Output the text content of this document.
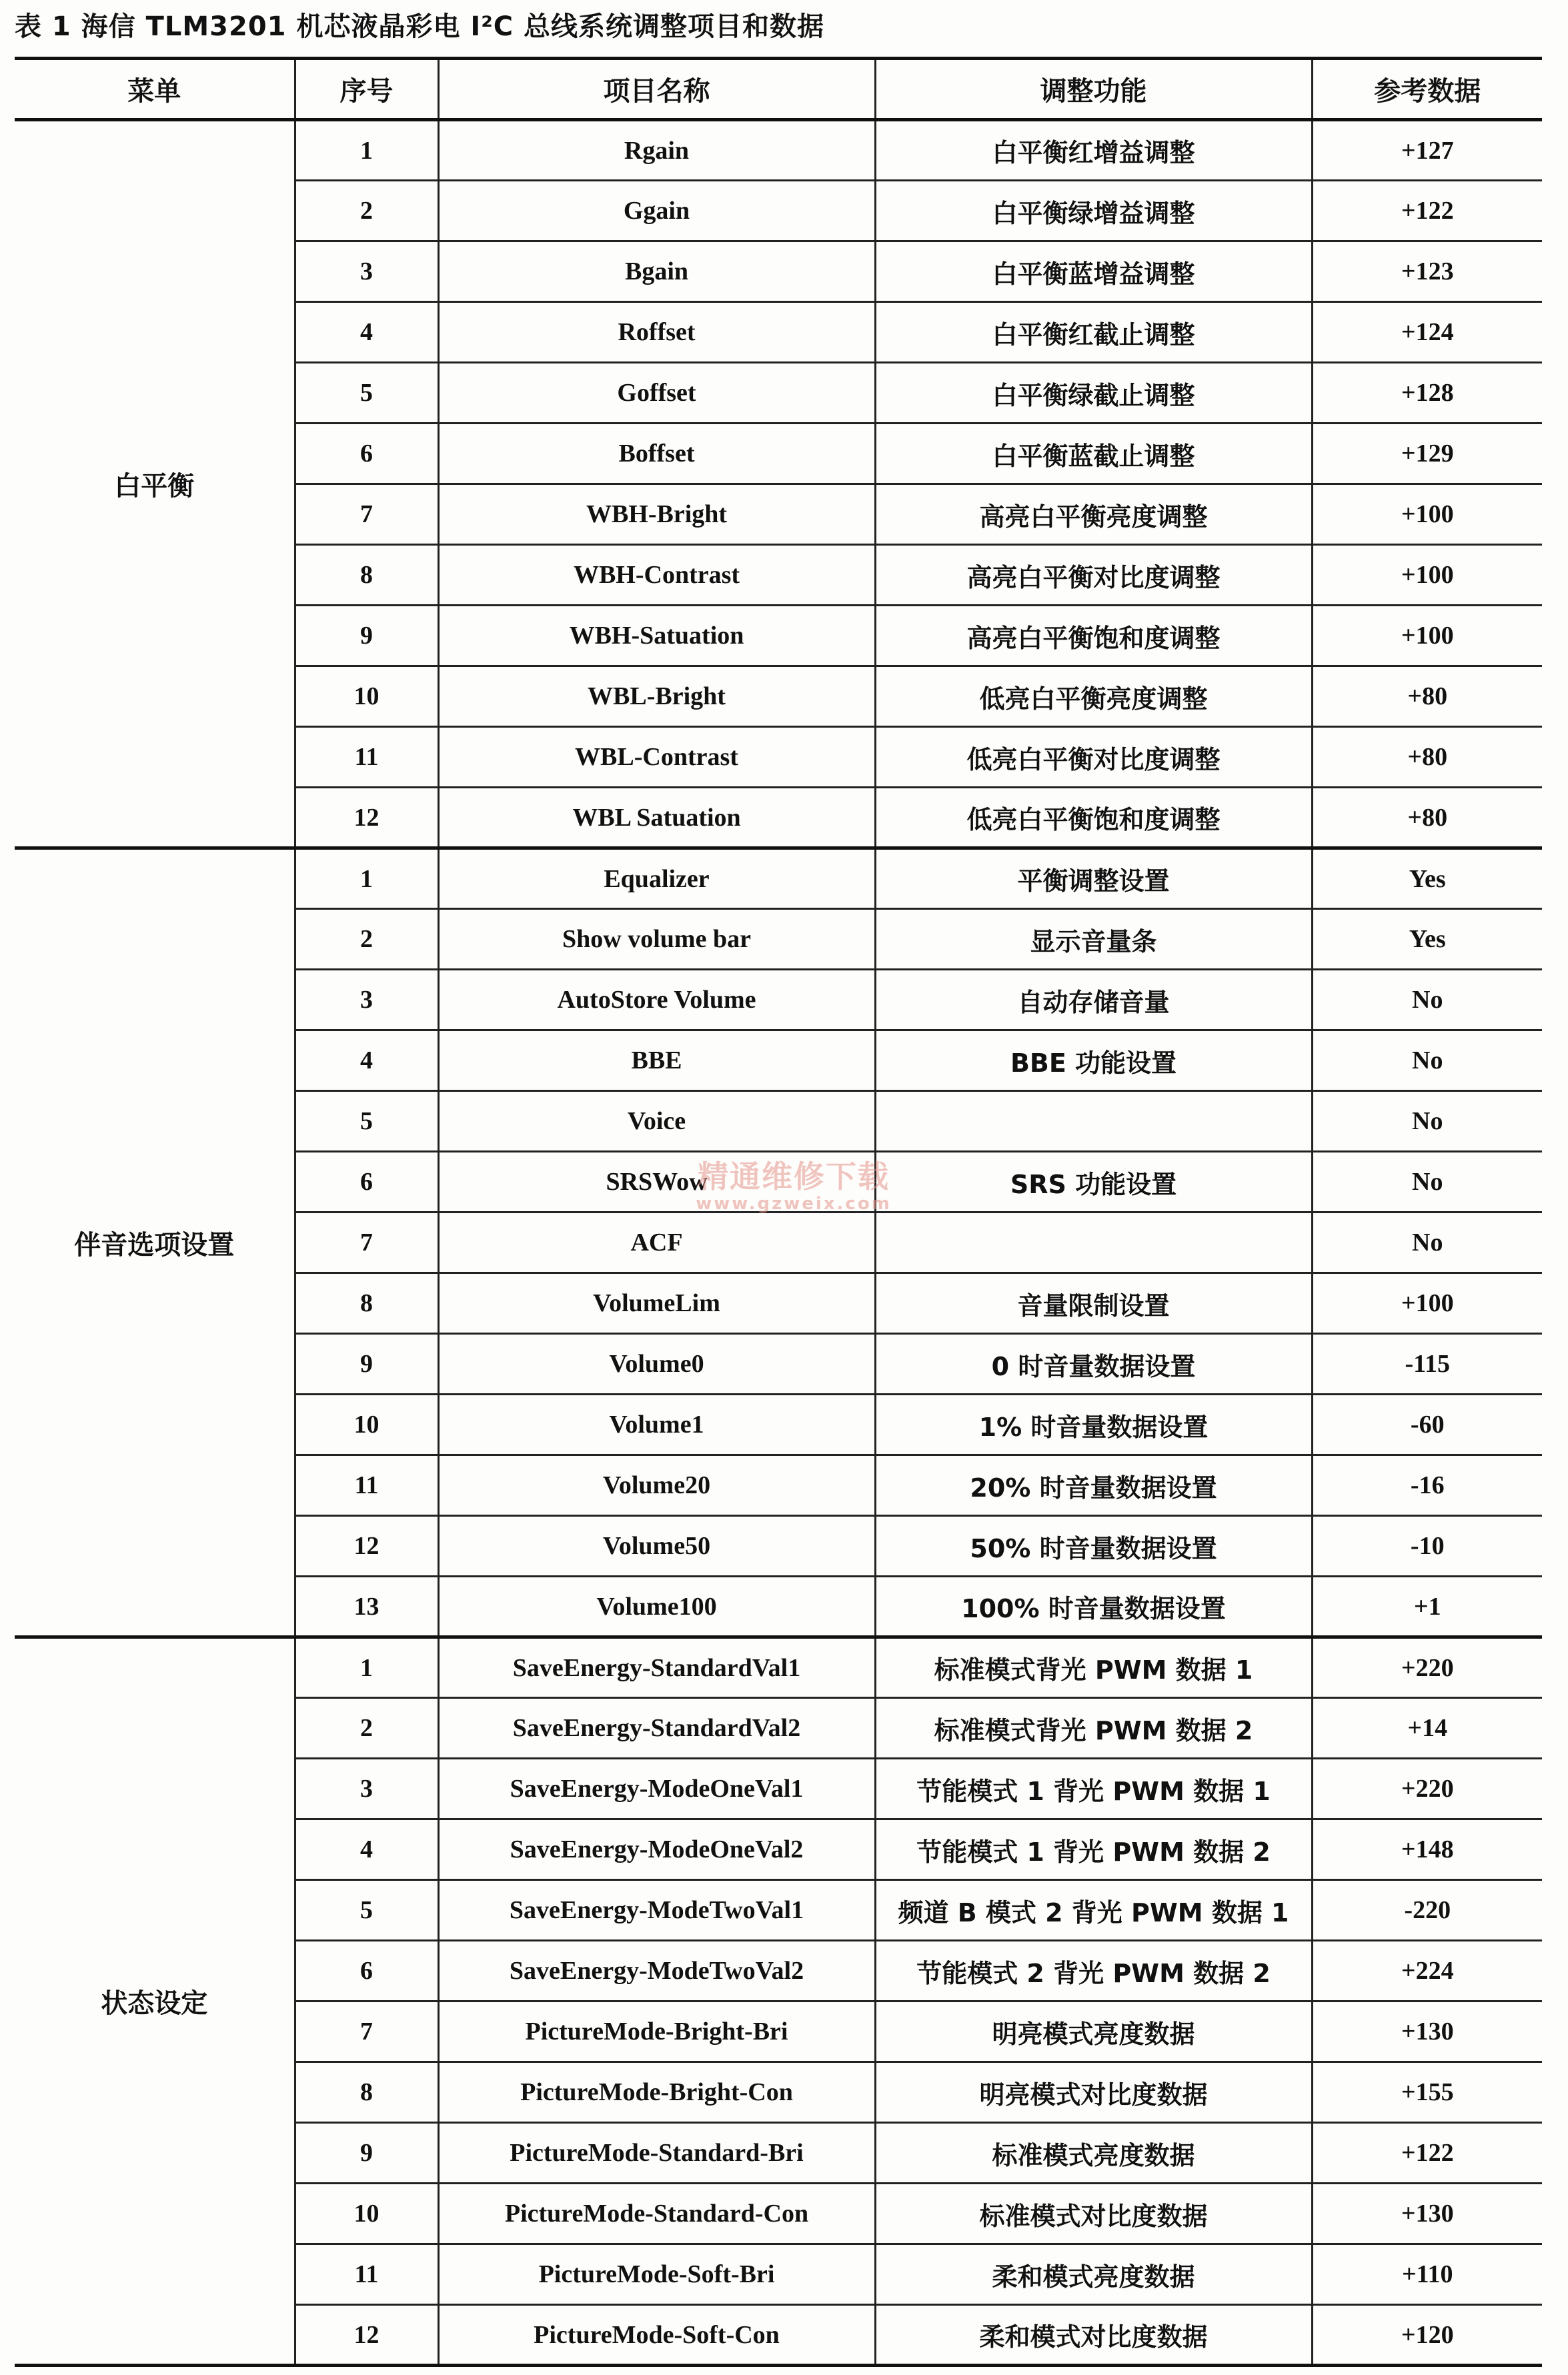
表 1 海信 TLM3201 机芯液晶彩电 I²C 总线系统调整项目和数据
菜单	序号	项目名称	调整功能	参考数据
白平衡	1	Rgain	白平衡红增益调整	+127
	2	Ggain	白平衡绿增益调整	+122
	3	Bgain	白平衡蓝增益调整	+123
	4	Roffset	白平衡红截止调整	+124
	5	Goffset	白平衡绿截止调整	+128
	6	Boffset	白平衡蓝截止调整	+129
	7	WBH-Bright	高亮白平衡亮度调整	+100
	8	WBH-Contrast	高亮白平衡对比度调整	+100
	9	WBH-Satuation	高亮白平衡饱和度调整	+100
	10	WBL-Bright	低亮白平衡亮度调整	+80
	11	WBL-Contrast	低亮白平衡对比度调整	+80
	12	WBL Satuation	低亮白平衡饱和度调整	+80
伴音选项设置	1	Equalizer	平衡调整设置	Yes
	2	Show volume bar	显示音量条	Yes
	3	AutoStore Volume	自动存储音量	No
	4	BBE	BBE 功能设置	No
	5	Voice		No
	6	SRSWow	SRS 功能设置	No
	7	ACF		No
	8	VolumeLim	音量限制设置	+100
	9	Volume0	0 时音量数据设置	-115
	10	Volume1	1% 时音量数据设置	-60
	11	Volume20	20% 时音量数据设置	-16
	12	Volume50	50% 时音量数据设置	-10
	13	Volume100	100% 时音量数据设置	+1
状态设定	1	SaveEnergy-StandardVal1	标准模式背光 PWM 数据 1	+220
	2	SaveEnergy-StandardVal2	标准模式背光 PWM 数据 2	+14
	3	SaveEnergy-ModeOneVal1	节能模式 1 背光 PWM 数据 1	+220
	4	SaveEnergy-ModeOneVal2	节能模式 1 背光 PWM 数据 2	+148
	5	SaveEnergy-ModeTwoVal1	频道 B 模式 2 背光 PWM 数据 1	-220
	6	SaveEnergy-ModeTwoVal2	节能模式 2 背光 PWM 数据 2	+224
	7	PictureMode-Bright-Bri	明亮模式亮度数据	+130
	8	PictureMode-Bright-Con	明亮模式对比度数据	+155
	9	PictureMode-Standard-Bri	标准模式亮度数据	+122
	10	PictureMode-Standard-Con	标准模式对比度数据	+130
	11	PictureMode-Soft-Bri	柔和模式亮度数据	+110
	12	PictureMode-Soft-Con	柔和模式对比度数据	+120
精通维修下载
www.gzweix.com
